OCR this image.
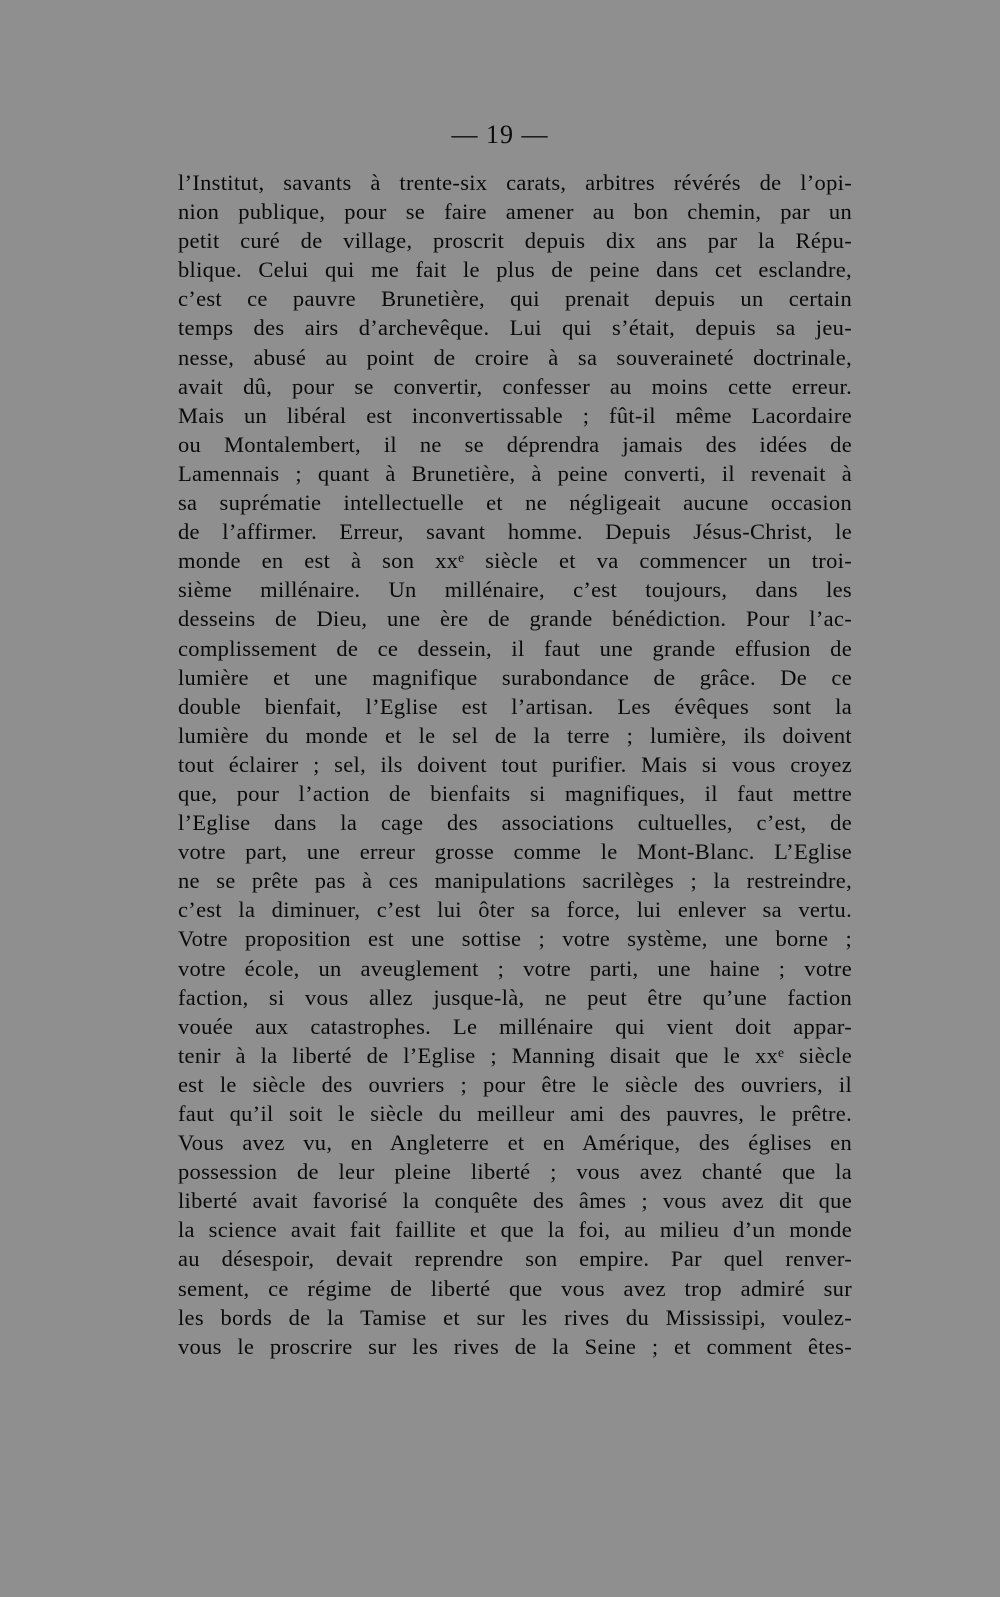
— 19 —
l’Institut, savants à trente-six carats, arbitres révérés de l’opi-
nion publique, pour se faire amener au bon chemin, par un
petit curé de village, proscrit depuis dix ans par la Répu-
blique. Celui qui me fait le plus de peine dans cet esclandre,
c’est ce pauvre Brunetière, qui prenait depuis un certain
temps des airs d’archevêque. Lui qui s’était, depuis sa jeu-
nesse, abusé au point de croire à sa souveraineté doctrinale,
avait dû, pour se convertir, confesser au moins cette erreur.
Mais un libéral est inconvertissable ; fût-il même Lacordaire
ou Montalembert, il ne se déprendra jamais des idées de
Lamennais ; quant à Brunetière, à peine converti, il revenait à
sa suprématie intellectuelle et ne négligeait aucune occasion
de l’affirmer. Erreur, savant homme. Depuis Jésus-Christ, le
monde en est à son xxᵉ siècle et va commencer un troi-
sième millénaire. Un millénaire, c’est toujours, dans les
desseins de Dieu, une ère de grande bénédiction. Pour l’ac-
complissement de ce dessein, il faut une grande effusion de
lumière et une magnifique surabondance de grâce. De ce
double bienfait, l’Eglise est l’artisan. Les évêques sont la
lumière du monde et le sel de la terre ; lumière, ils doivent
tout éclairer ; sel, ils doivent tout purifier. Mais si vous croyez
que, pour l’action de bienfaits si magnifiques, il faut mettre
l’Eglise dans la cage des associations cultuelles, c’est, de
votre part, une erreur grosse comme le Mont-Blanc. L’Eglise
ne se prête pas à ces manipulations sacrilèges ; la restreindre,
c’est la diminuer, c’est lui ôter sa force, lui enlever sa vertu.
Votre proposition est une sottise ; votre système, une borne ;
votre école, un aveuglement ; votre parti, une haine ; votre
faction, si vous allez jusque-là, ne peut être qu’une faction
vouée aux catastrophes. Le millénaire qui vient doit appar-
tenir à la liberté de l’Eglise ; Manning disait que le xxᵉ siècle
est le siècle des ouvriers ; pour être le siècle des ouvriers, il
faut qu’il soit le siècle du meilleur ami des pauvres, le prêtre.
Vous avez vu, en Angleterre et en Amérique, des églises en
possession de leur pleine liberté ; vous avez chanté que la
liberté avait favorisé la conquête des âmes ; vous avez dit que
la science avait fait faillite et que la foi, au milieu d’un monde
au désespoir, devait reprendre son empire. Par quel renver-
sement, ce régime de liberté que vous avez trop admiré sur
les bords de la Tamise et sur les rives du Mississipi, voulez-
vous le proscrire sur les rives de la Seine ; et comment êtes-
